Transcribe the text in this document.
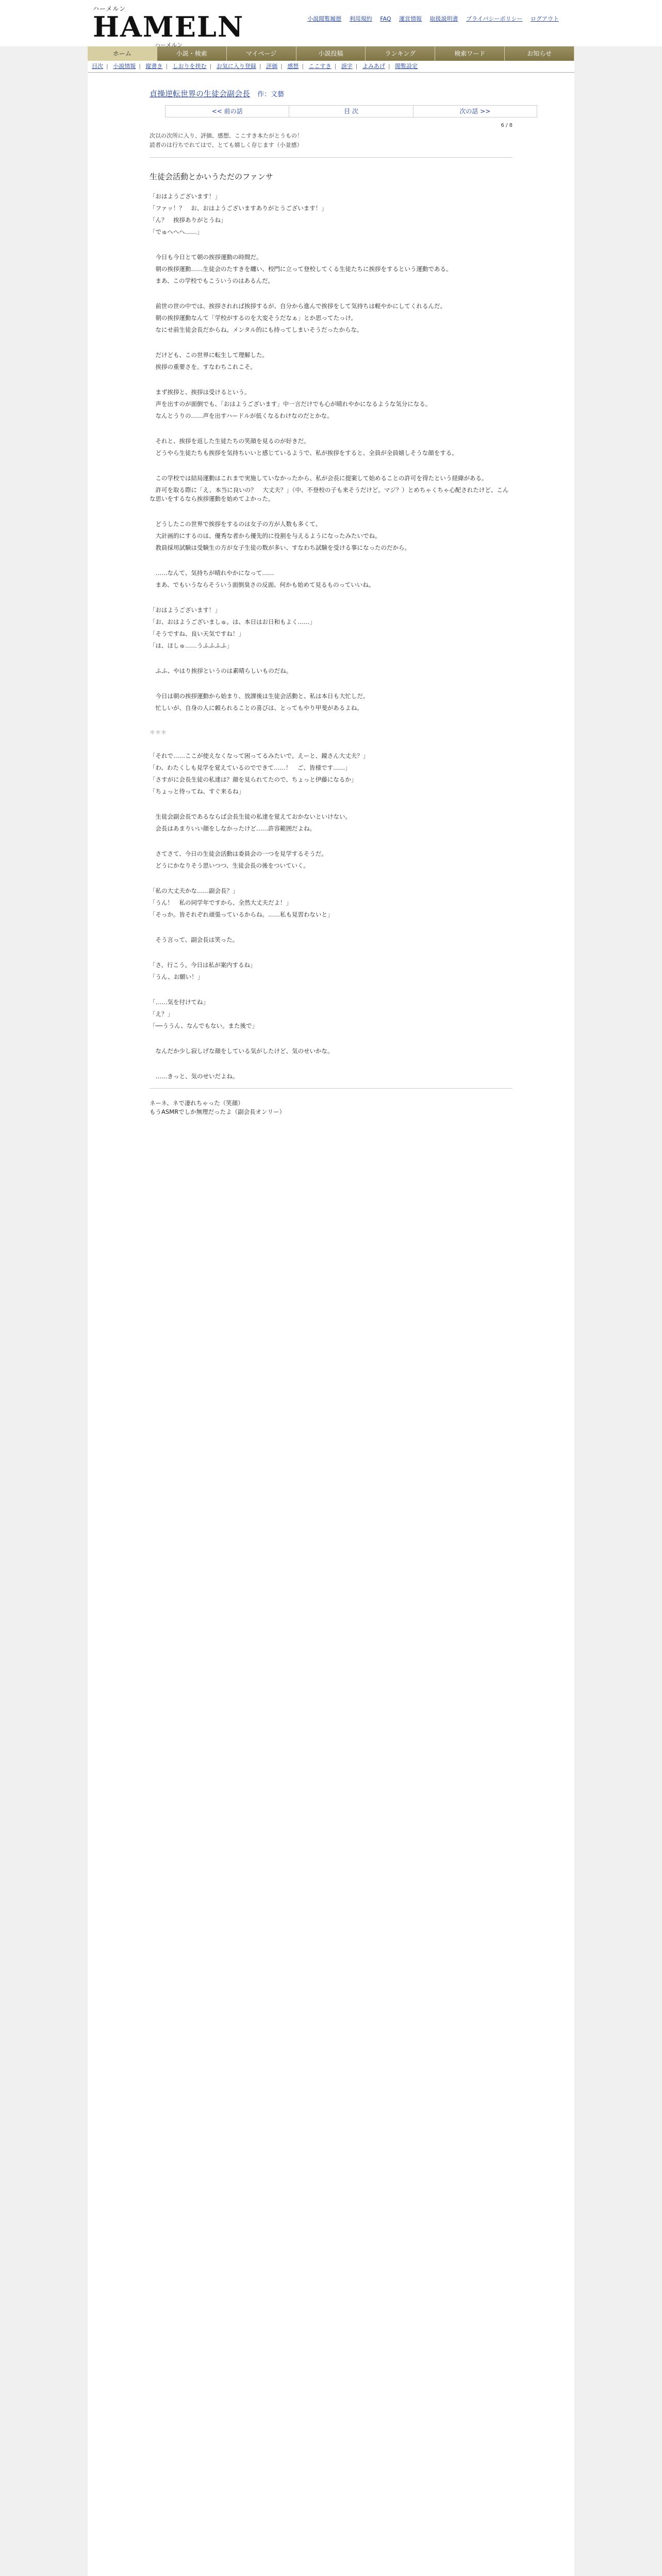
ハーメルン
HAMELN
ハーメルン
小説閲覧履歴 利用規約 FAQ 運営情報 取扱説明書 プライバシーポリシー ログアウト
ホーム	小説・検索	マイページ	小説投稿	ランキング	検索ワード	お知らせ
目次 | 小説情報 | 縦書き | しおりを挟む | お気に入り登録 | 評価 | 感想 | ここすき | 誤字 | よみあげ | 閲覧設定
貞操逆転世界の生徒会副会長 作：文藝
<< 前の話	目 次	次の話 >>
6 / 8
次以の次所に入り、評価、感想、ここすき本たがとうもの！
読者のは行ちでれてはで、とても嬉しく存じます（小並感）
生徒会活動とかいうただのファンサ

「おはようございます！」

「ファッ！？　お、おはようございますありがとうございます！」

「ん？　挨拶ありがとうね」

「でゅへへへ……」

　今日も今日とて朝の挨拶運動の時間だ。

　朝の挨拶運動……生徒会のたすきを纏い、校門に立って登校してくる生徒たちに挨拶をするという運動である。

　まあ、この学校でもこういうのはあるんだ。

　前世の世の中では、挨拶されれば挨拶するが、自分から進んで挨拶をして気持ちは軽やかにしてくれるんだ。

　朝の挨拶運動なんて「学校がするのを大変そうだなぁ」とか思ってたっけ。

　なにせ前生徒会長だからね。メンタル的にも持ってしまいそうだったからな。

　だけども、この世界に転生して理解した。

　挨拶の重要さを。すなわちこれこそ。

　まず挨拶と、挨拶は受けるという。

　声を出すのが面倒でも、「おはようございます」中一言だけでも心が晴れやかになるような気分になる。

　なんとうりの……声を出すハードルが低くなるわけなのだとかな。

　それと、挨拶を返した生徒たちの笑顔を見るのが好きだ。

　どうやら生徒たちも挨拶を気持ちいいと感じているようで、私が挨拶をすると、全員が全員嬉しそうな顔をする。

　この学校では結局運動はこれまで実施していなかったから、私が会長に提案して始めることの許可を得たという経緯がある。

　許可を取る際に「え、本当に良いの？　大丈夫？」（中、不登校の子も来そうだけど。マジ？）とめちゃくちゃ心配されたけど、こんな思いをするなら挨拶運動を始めてよかった。

　どうしたこの世界で挨拶をするのは女子の方が人数も多くて、

　大計画的にするのは、優秀な者から優先的に役割を与えるようになったみたいでね。

　教員採用試験は受験生の方が女子生徒の数が多い、すなわち試験を受ける事になったのだから。

　……なんて、気持ちが晴れやかになって……

　まあ、でもいうならそういう面倒臭さの反面、何かも始めて見るものっていいね。

「おはようございます！」

「お、おはようございましゅ。は、本日はお日和もよく……」

「そうですね、良い天気ですね！」

「は、ほしゅ……うふふふふ」

　ふふ、やはり挨拶というのは素晴らしいものだね。

　今日は朝の挨拶運動から始まり、放課後は生徒会活動と、私は本日も大忙しだ。

　忙しいが、自身の人に頼られることの喜びは、とってもやり甲斐があるよね。

＊＊＊

「それで……ここが使えなくなって困ってるみたいで。えーと、鏡さん大丈夫？」

「わ、わたくしも見学を覚えているのでできて……！　ご、皆様です……」

「さすがに会長生徒の私達は？顔を見られてたので、ちょっと伊藤になるか」

「ちょっと待ってね、すぐ来るね」

　生徒会副会長であるならば会長生徒の私達を覚えておかないといけない。

　会長はあまりいい顔をしなかったけど……許容範囲だよね。

　さてさて、今日の生徒会活動は委員会の一つを見学するそうだ。

　どうにかなりそう思いつつ、生徒会長の後をついていく。

「私の大丈夫かな……副会長？」

「うん！　私の同学年ですから、全然大丈夫だよ！」

「そっか。皆それぞれ頑張っているからね。……私も見習わないと」

　そう言って、副会長は笑った。

「さ、行こう。今日は私が案内するね」

「うん、お願い！」

「……気を付けてね」

「え？」

「──ううん、なんでもない。また後で」

　なんだか少し寂しげな顔をしている気がしたけど、気のせいかな。

　……きっと、気のせいだよね。

ネーネ、ネで凄れちゃった（笑顔）
もうASMRでしか無理だったよ（副会長オンリー）
